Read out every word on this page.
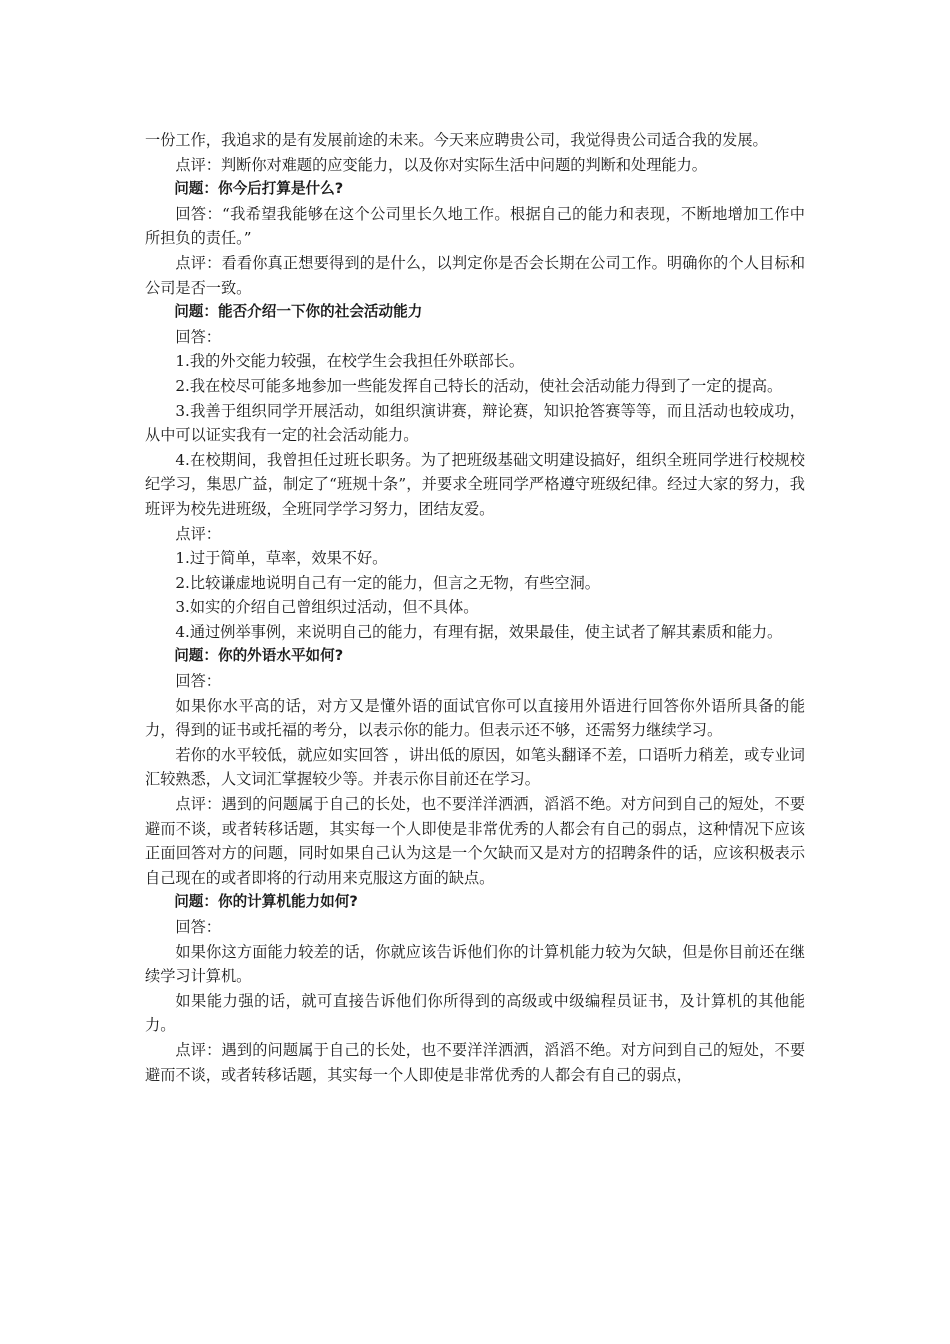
一份工作，我追求的是有发展前途的未来。今天来应聘贵公司，我觉得贵公司适合我的发展。

点评：判断你对难题的应变能力，以及你对实际生活中问题的判断和处理能力。

问题：你今后打算是什么?

回答：“我希望我能够在这个公司里长久地工作。根据自己的能力和表现，不断地增加工作中所担负的责任。”

点评：看看你真正想要得到的是什么，以判定你是否会长期在公司工作。明确你的个人目标和公司是否一致。

问题：能否介绍一下你的社会活动能力

回答：

1.我的外交能力较强，在校学生会我担任外联部长。

2.我在校尽可能多地参加一些能发挥自己特长的活动，使社会活动能力得到了一定的提高。

3.我善于组织同学开展活动，如组织演讲赛，辩论赛，知识抢答赛等等，而且活动也较成功，从中可以证实我有一定的社会活动能力。

4.在校期间，我曾担任过班长职务。为了把班级基础文明建设搞好，组织全班同学进行校规校纪学习，集思广益，制定了“班规十条”，并要求全班同学严格遵守班级纪律。经过大家的努力，我班评为校先进班级，全班同学学习努力，团结友爱。

点评：

1.过于简单，草率，效果不好。

2.比较谦虚地说明自己有一定的能力，但言之无物，有些空洞。

3.如实的介绍自己曾组织过活动，但不具体。

4.通过例举事例，来说明自己的能力，有理有据，效果最佳，使主试者了解其素质和能力。

问题：你的外语水平如何?

回答：

如果你水平高的话，对方又是懂外语的面试官你可以直接用外语进行回答你外语所具备的能力，得到的证书或托福的考分，以表示你的能力。但表示还不够，还需努力继续学习。

若你的水平较低，就应如实回答 ，讲出低的原因，如笔头翻译不差，口语听力稍差，或专业词汇较熟悉，人文词汇掌握较少等。并表示你目前还在学习。

点评：遇到的问题属于自己的长处，也不要洋洋洒洒，滔滔不绝。对方问到自己的短处，不要避而不谈，或者转移话题，其实每一个人即使是非常优秀的人都会有自己的弱点，这种情况下应该正面回答对方的问题，同时如果自己认为这是一个欠缺而又是对方的招聘条件的话，应该积极表示自己现在的或者即将的行动用来克服这方面的缺点。

问题：你的计算机能力如何?

回答：

如果你这方面能力较差的话，你就应该告诉他们你的计算机能力较为欠缺，但是你目前还在继续学习计算机。

如果能力强的话，就可直接告诉他们你所得到的高级或中级编程员证书，及计算机的其他能力。

点评：遇到的问题属于自己的长处，也不要洋洋洒洒，滔滔不绝。对方问到自己的短处，不要避而不谈，或者转移话题，其实每一个人即使是非常优秀的人都会有自己的弱点，
